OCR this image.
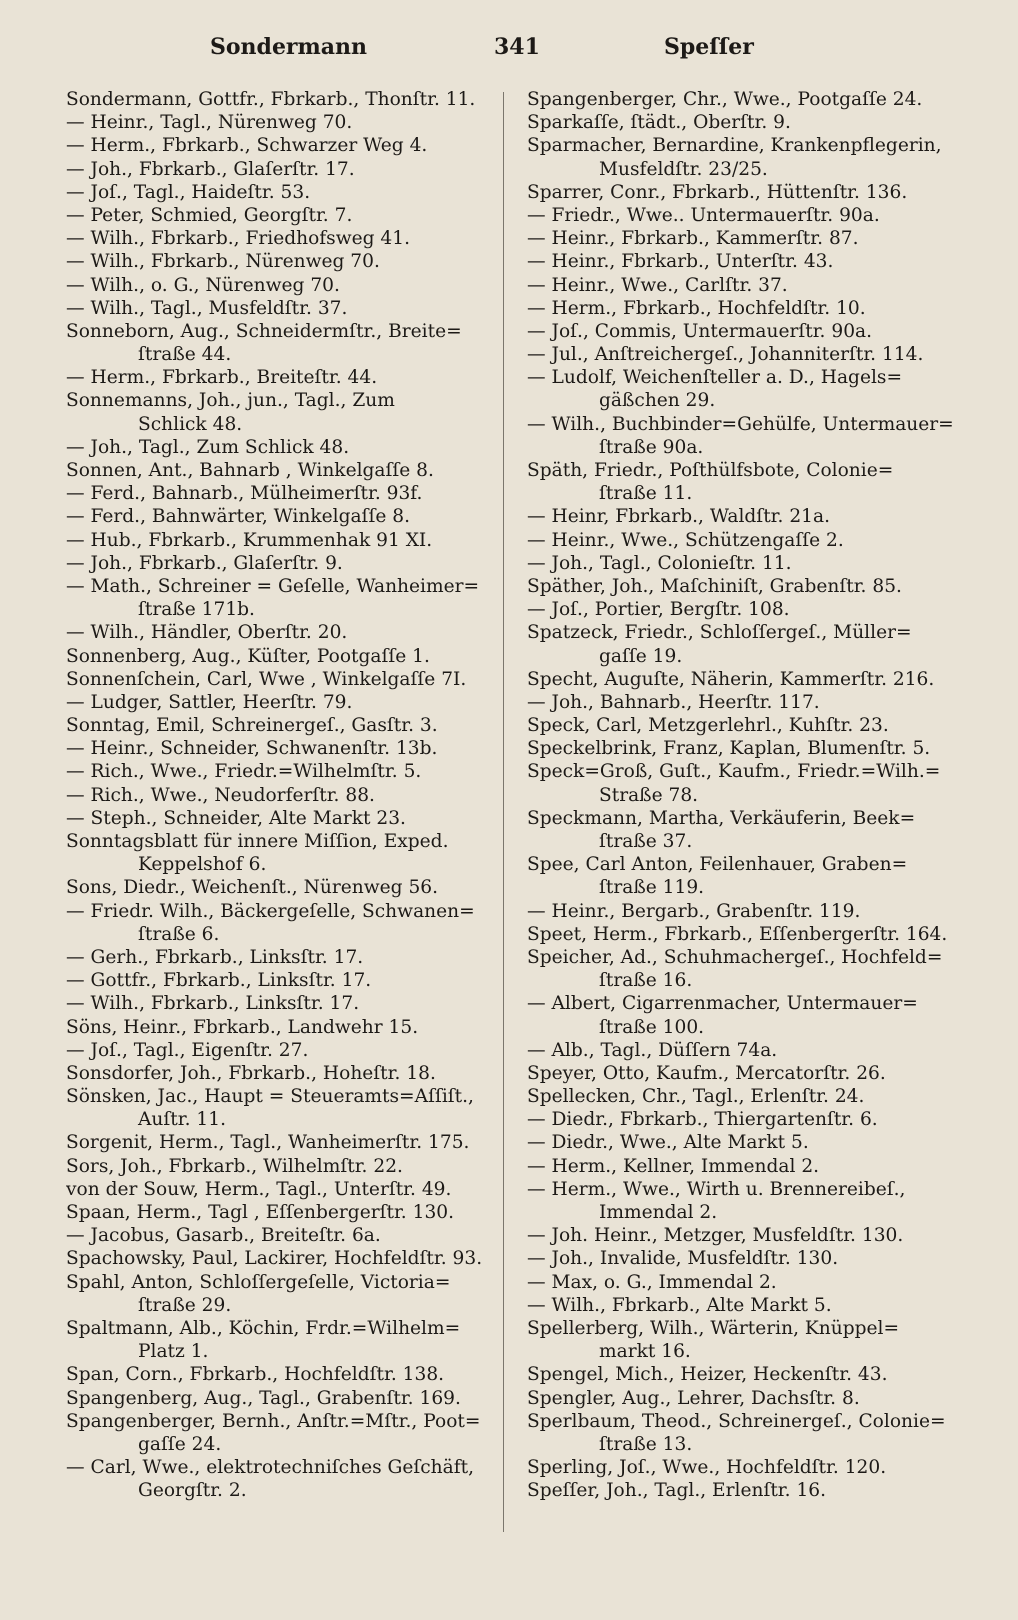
Sondermann	341	Speſſer
Sondermann, Gottfr., Fbrkarb., Thonſtr. 11.
— Heinr., Tagl., Nürenweg 70.
— Herm., Fbrkarb., Schwarzer Weg 4.
— Joh., Fbrkarb., Glaſerſtr. 17.
— Joſ., Tagl., Haideſtr. 53.
— Peter, Schmied, Georgſtr. 7.
— Wilh., Fbrkarb., Friedhofsweg 41.
— Wilh., Fbrkarb., Nürenweg 70.
— Wilh., o. G., Nürenweg 70.
— Wilh., Tagl., Musfeldſtr. 37.
Sonneborn, Aug., Schneidermſtr., Breite=
ſtraße 44.
— Herm., Fbrkarb., Breiteſtr. 44.
Sonnemanns, Joh., jun., Tagl., Zum
Schlick 48.
— Joh., Tagl., Zum Schlick 48.
Sonnen, Ant., Bahnarb , Winkelgaſſe 8.
— Ferd., Bahnarb., Mülheimerſtr. 93f.
— Ferd., Bahnwärter, Winkelgaſſe 8.
— Hub., Fbrkarb., Krummenhak 91 XI.
— Joh., Fbrkarb., Glaſerſtr. 9.
— Math., Schreiner = Geſelle, Wanheimer=
ſtraße 171b.
— Wilh., Händler, Oberſtr. 20.
Sonnenberg, Aug., Küſter, Pootgaſſe 1.
Sonnenſchein, Carl, Wwe , Winkelgaſſe 7I.
— Ludger, Sattler, Heerſtr. 79.
Sonntag, Emil, Schreinergeſ., Gasſtr. 3.
— Heinr., Schneider, Schwanenſtr. 13b.
— Rich., Wwe., Friedr.=Wilhelmſtr. 5.
— Rich., Wwe., Neudorferſtr. 88.
— Steph., Schneider, Alte Markt 23.
Sonntagsblatt für innere Miſſion, Exped.
Keppelshof 6.
Sons, Diedr., Weichenſt., Nürenweg 56.
— Friedr. Wilh., Bäckergeſelle, Schwanen=
ſtraße 6.
— Gerh., Fbrkarb., Linksſtr. 17.
— Gottfr., Fbrkarb., Linksſtr. 17.
— Wilh., Fbrkarb., Linksſtr. 17.
Söns, Heinr., Fbrkarb., Landwehr 15.
— Joſ., Tagl., Eigenſtr. 27.
Sonsdorfer, Joh., Fbrkarb., Hoheſtr. 18.
Sönsken, Jac., Haupt = Steueramts=Aſſiſt.,
Auſtr. 11.
Sorgenit, Herm., Tagl., Wanheimerſtr. 175.
Sors, Joh., Fbrkarb., Wilhelmſtr. 22.
von der Souw, Herm., Tagl., Unterſtr. 49.
Spaan, Herm., Tagl , Eſſenbergerſtr. 130.
— Jacobus, Gasarb., Breiteſtr. 6a.
Spachowsky, Paul, Lackirer, Hochfeldſtr. 93.
Spahl, Anton, Schloſſergeſelle, Victoria=
ſtraße 29.
Spaltmann, Alb., Köchin, Frdr.=Wilhelm=
Platz 1.
Span, Corn., Fbrkarb., Hochfeldſtr. 138.
Spangenberg, Aug., Tagl., Grabenſtr. 169.
Spangenberger, Bernh., Anſtr.=Mſtr., Poot=
gaſſe 24.
— Carl, Wwe., elektrotechniſches Geſchäft,
Georgſtr. 2.
Spangenberger, Chr., Wwe., Pootgaſſe 24.
Sparkaſſe, ſtädt., Oberſtr. 9.
Sparmacher, Bernardine, Krankenpflegerin,
Musfeldſtr. 23/25.
Sparrer, Conr., Fbrkarb., Hüttenſtr. 136.
— Friedr., Wwe.. Untermauerſtr. 90a.
— Heinr., Fbrkarb., Kammerſtr. 87.
— Heinr., Fbrkarb., Unterſtr. 43.
— Heinr., Wwe., Carlſtr. 37.
— Herm., Fbrkarb., Hochfeldſtr. 10.
— Joſ., Commis, Untermauerſtr. 90a.
— Jul., Anſtreichergeſ., Johanniterſtr. 114.
— Ludolf, Weichenſteller a. D., Hagels=
gäßchen 29.
— Wilh., Buchbinder=Gehülfe, Untermauer=
ſtraße 90a.
Späth, Friedr., Poſthülfsbote, Colonie=
ſtraße 11.
— Heinr, Fbrkarb., Waldſtr. 21a.
— Heinr., Wwe., Schützengaſſe 2.
— Joh., Tagl., Colonieſtr. 11.
Späther, Joh., Maſchiniſt, Grabenſtr. 85.
— Joſ., Portier, Bergſtr. 108.
Spatzeck, Friedr., Schloſſergeſ., Müller=
gaſſe 19.
Specht, Auguſte, Näherin, Kammerſtr. 216.
— Joh., Bahnarb., Heerſtr. 117.
Speck, Carl, Metzgerlehrl., Kuhſtr. 23.
Speckelbrink, Franz, Kaplan, Blumenſtr. 5.
Speck=Groß, Guſt., Kaufm., Friedr.=Wilh.=
Straße 78.
Speckmann, Martha, Verkäuferin, Beek=
ſtraße 37.
Spee, Carl Anton, Feilenhauer, Graben=
ſtraße 119.
— Heinr., Bergarb., Grabenſtr. 119.
Speet, Herm., Fbrkarb., Eſſenbergerſtr. 164.
Speicher, Ad., Schuhmachergeſ., Hochfeld=
ſtraße 16.
— Albert, Cigarrenmacher, Untermauer=
ſtraße 100.
— Alb., Tagl., Düſſern 74a.
Speyer, Otto, Kaufm., Mercatorſtr. 26.
Spellecken, Chr., Tagl., Erlenſtr. 24.
— Diedr., Fbrkarb., Thiergartenſtr. 6.
— Diedr., Wwe., Alte Markt 5.
— Herm., Kellner, Immendal 2.
— Herm., Wwe., Wirth u. Brennereibeſ.,
Immendal 2.
— Joh. Heinr., Metzger, Musfeldſtr. 130.
— Joh., Invalide, Musfeldſtr. 130.
— Max, o. G., Immendal 2.
— Wilh., Fbrkarb., Alte Markt 5.
Spellerberg, Wilh., Wärterin, Knüppel=
markt 16.
Spengel, Mich., Heizer, Heckenſtr. 43.
Spengler, Aug., Lehrer, Dachsſtr. 8.
Sperlbaum, Theod., Schreinergeſ., Colonie=
ſtraße 13.
Sperling, Joſ., Wwe., Hochfeldſtr. 120.
Speſſer, Joh., Tagl., Erlenſtr. 16.
